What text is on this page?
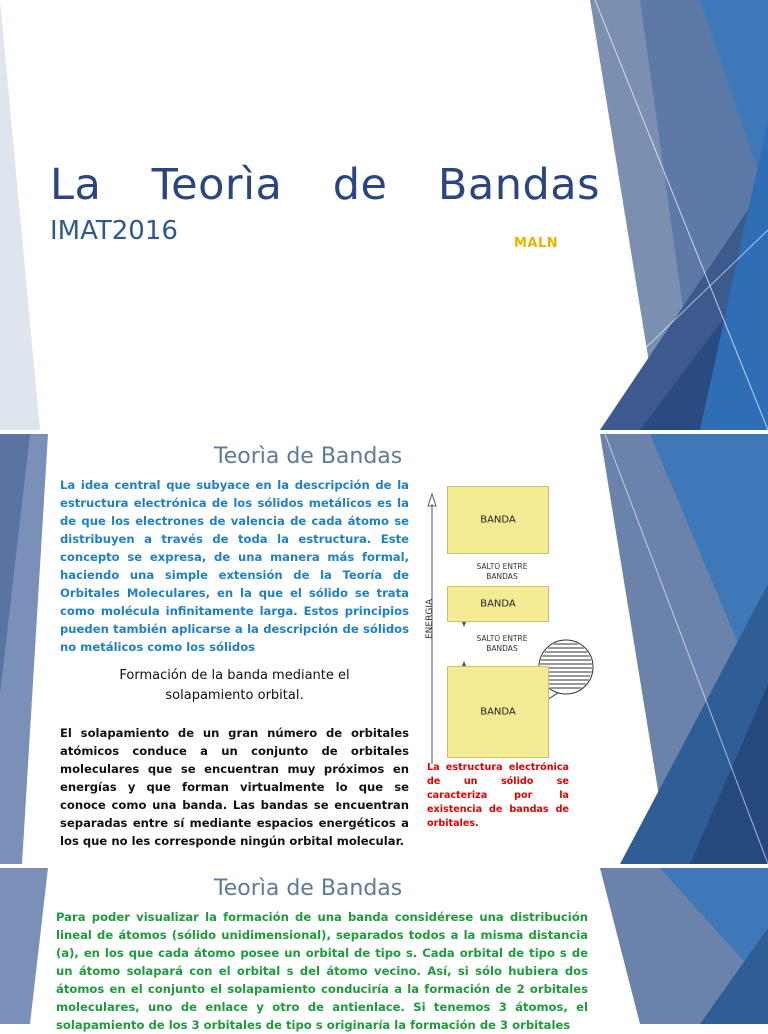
La Teorìa de Bandas
IMAT2016	MALN
Teorìa de Bandas
La idea central que subyace en la descripción de la estructura electrónica de los sólidos metálicos es la de que los electrones de valencia de cada átomo se distribuyen a través de toda la estructura. Este concepto se expresa, de una manera más formal, haciendo una simple extensión de la Teoría de Orbitales Moleculares, en la que el sólido se trata como molécula infinitamente larga. Estos principios pueden también aplicarse a la descripción de sólidos no metálicos como los sólidos
Formación de la banda mediante el
solapamiento orbital.
El solapamiento de un gran número de orbitales atómicos conduce a un conjunto de orbitales moleculares que se encuentran muy próximos en energías y que forman virtualmente lo que se conoce como una banda. Las bandas se encuentran separadas entre sí mediante espacios energéticos a los que no les corresponde ningún orbital molecular.
BANDA
SALTO ENTRE
BANDAS
BANDA
SALTO ENTRE
BANDAS
BANDA
ENERGIA
La estructura electrónica de un sólido se caracteriza por la existencia de bandas de orbitales.
Teorìa de Bandas
Para poder visualizar la formación de una banda considérese una distribución lineal de átomos (sólido unidimensional), separados todos a la misma distancia (a), en los que cada átomo posee un orbital de tipo s. Cada orbital de tipo s de un átomo solapará con el orbital s del átomo vecino. Así, si sólo hubiera dos átomos en el conjunto el solapamiento conduciría a la formación de 2 orbitales moleculares, uno de enlace y otro de antienlace. Si tenemos 3 átomos, el solapamiento de los 3 orbitales de tipo s originaría la formación de 3 orbitales
